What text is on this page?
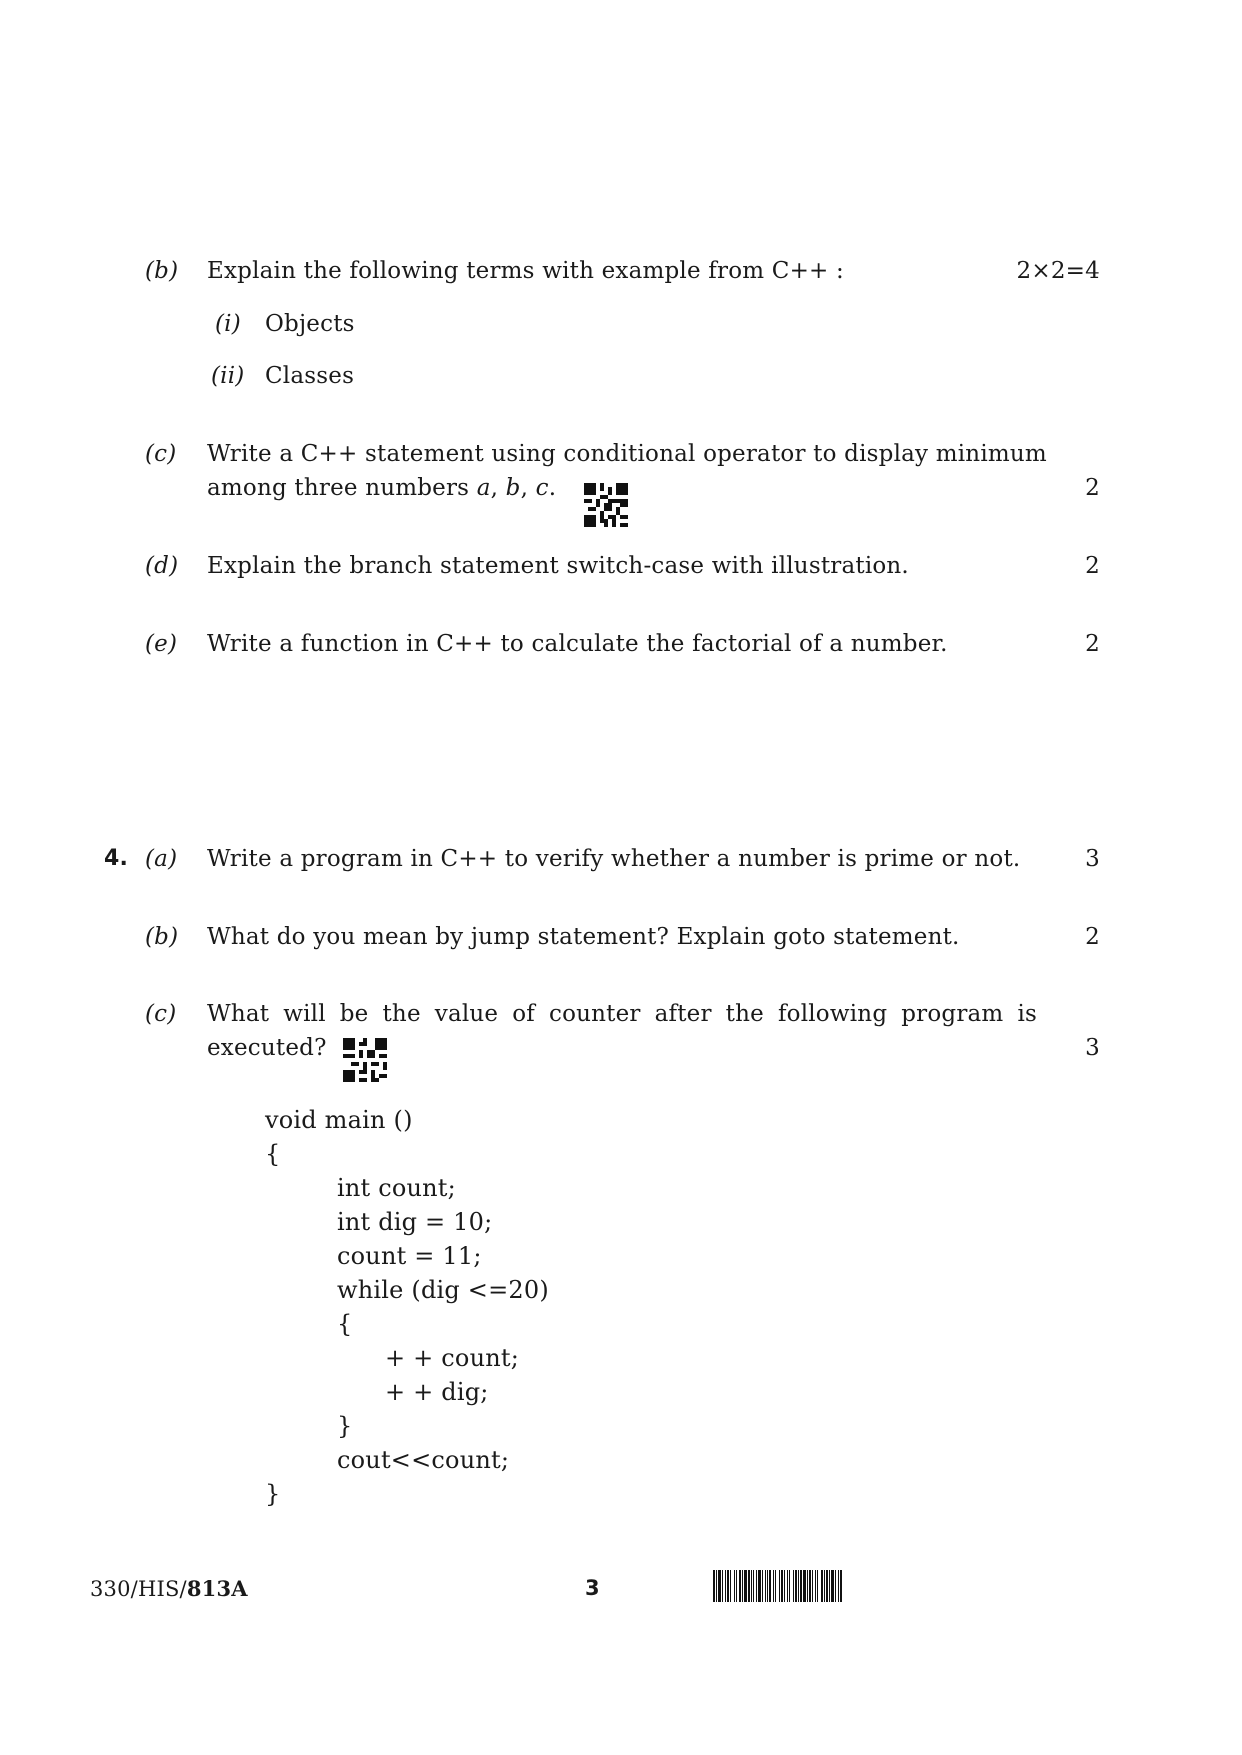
(b) Explain the following terms with example from C++ :	2×2=4
(i) Objects
(ii) Classes
(c) Write a C++ statement using conditional operator to display minimum
among three numbers a, b, c.	2
(d) Explain the branch statement switch-case with illustration.	2
(e) Write a function in C++ to calculate the factorial of a number.	2
4. (a) Write a program in C++ to verify whether a number is prime or not.	3
(b) What do you mean by jump statement? Explain goto statement.	2
(c) What will be the value of counter after the following program is
executed?	3
void main ()
{
int count;
int dig = 10;
count = 11;
while (dig <=20)
{
+ + count;
+ + dig;
}
cout<<count;
}
330/HIS/813A	3
